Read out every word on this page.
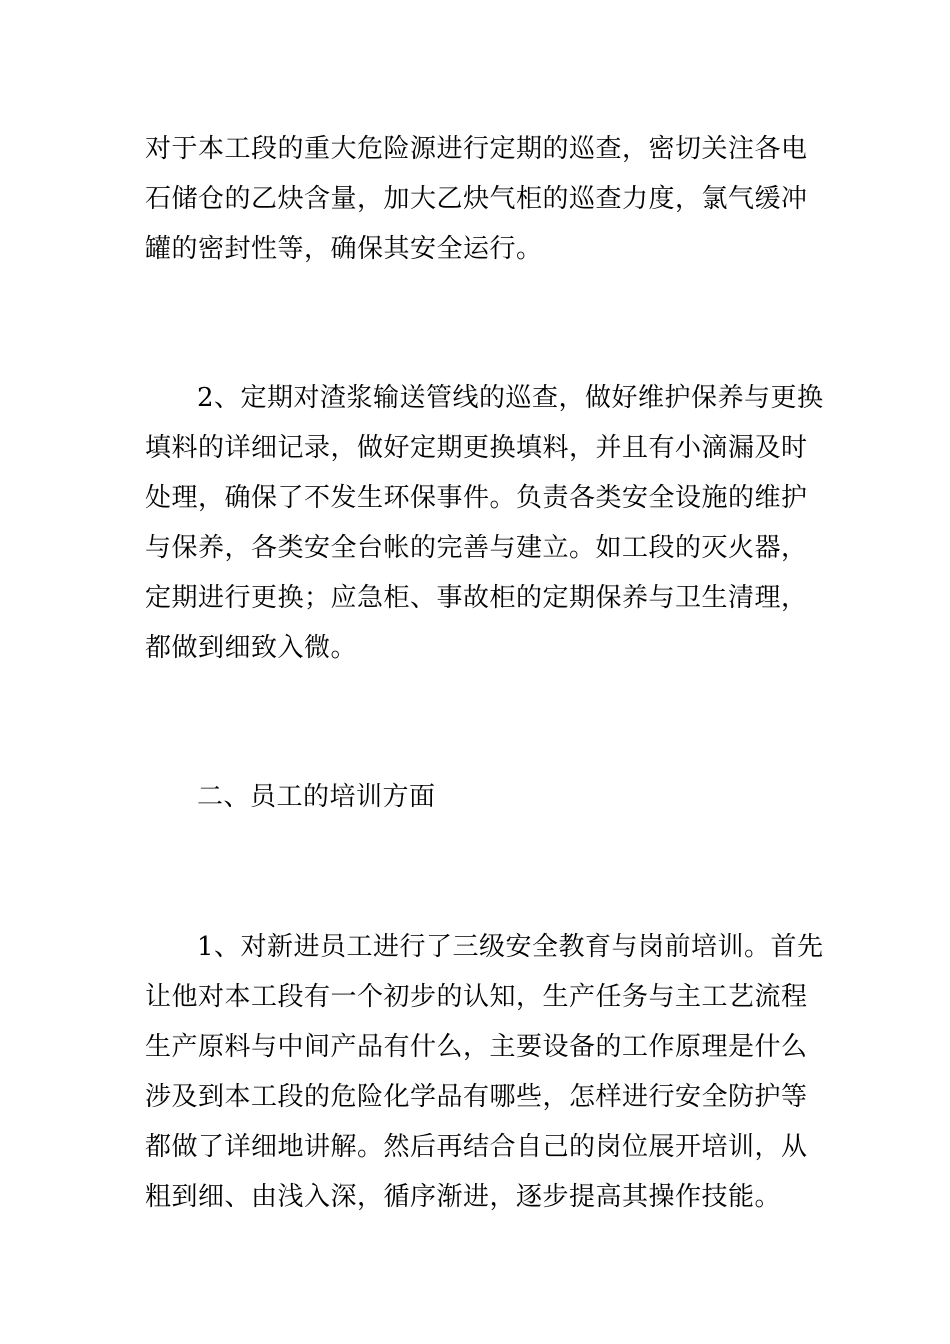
对于本工段的重大危险源进行定期的巡查，密切关注各电
石储仓的乙炔含量，加大乙炔气柜的巡查力度，氯气缓冲
罐的密封性等，确保其安全运行。
2、定期对渣浆输送管线的巡查，做好维护保养与更换
填料的详细记录，做好定期更换填料，并且有小滴漏及时
处理，确保了不发生环保事件。负责各类安全设施的维护
与保养，各类安全台帐的完善与建立。如工段的灭火器，
定期进行更换；应急柜、事故柜的定期保养与卫生清理，
都做到细致入微。
二、员工的培训方面
1、对新进员工进行了三级安全教育与岗前培训。首先
让他对本工段有一个初步的认知，生产任务与主工艺流程
生产原料与中间产品有什么，主要设备的工作原理是什么
涉及到本工段的危险化学品有哪些，怎样进行安全防护等
都做了详细地讲解。然后再结合自己的岗位展开培训，从
粗到细、由浅入深，循序渐进，逐步提高其操作技能。
